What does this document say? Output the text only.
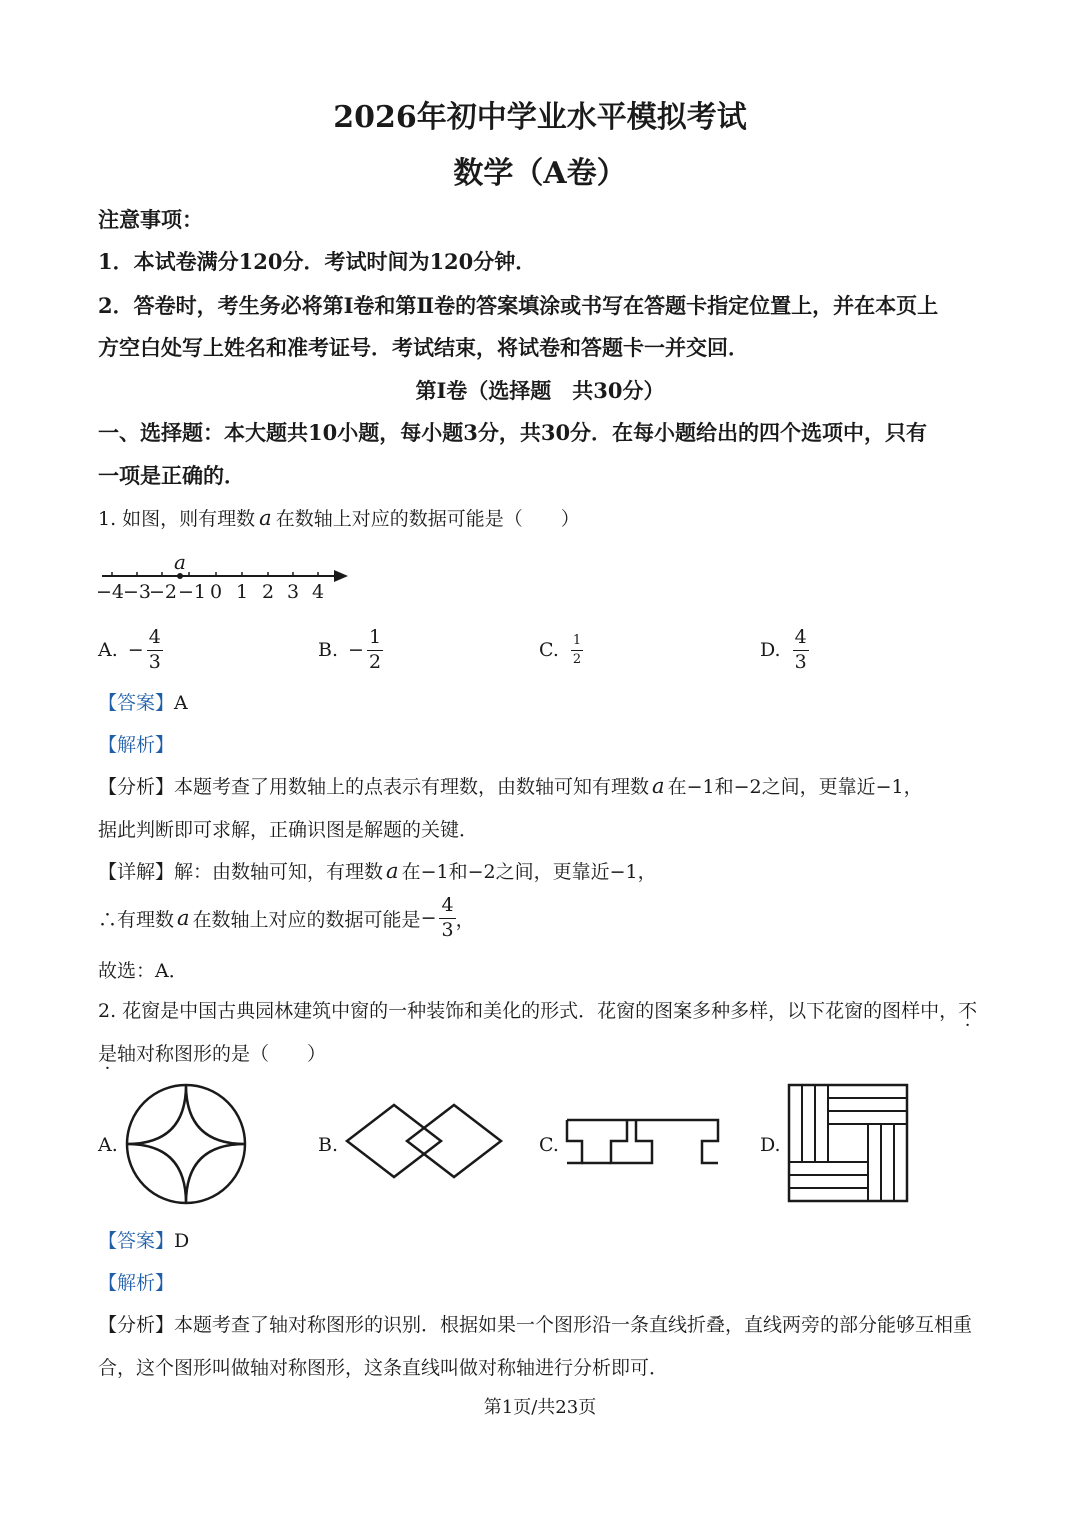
2026年初中学业水平模拟考试
数学（A卷）
注意事项：
1．本试卷满分120分．考试时间为120分钟．
2．答卷时，考生务必将第Ⅰ卷和第Ⅱ卷的答案填涂或书写在答题卡指定位置上，并在本页上
方空白处写上姓名和准考证号．考试结束，将试卷和答题卡一并交回．
第Ⅰ卷（选择题　共30分）
一、选择题：本大题共10小题，每小题3分，共30分．在每小题给出的四个选项中，只有
一项是正确的．
1. 如图，则有理数 a 在数轴上对应的数据可能是（　　）
a
−4
−3
−2 −1 0 1 2 3 4
A. − $\frac{4}{3}$	B. − $\frac{1}{2}$	C. $\frac{1}{2}$	D. $\frac{4}{3}$
【答案】A
【解析】
【分析】本题考查了用数轴上的点表示有理数，由数轴可知有理数 a 在−1和−2之间，更靠近−1，
据此判断即可求解，正确识图是解题的关键．
【详解】解：由数轴可知，有理数 a 在−1和−2之间，更靠近−1，
∴有理数 a 在数轴上对应的数据可能是 − $\frac{4}{3}$ ，
故选：A．
2. 花窗是中国古典园林建筑中窗的一种装饰和美化的形式．花窗的图案多种多样，以下花窗的图样中，不
是轴对称图形的是（　　）
A.	B.	C.	D.
【答案】D
【解析】
【分析】本题考查了轴对称图形的识别．根据如果一个图形沿一条直线折叠，直线两旁的部分能够互相重
合，这个图形叫做轴对称图形，这条直线叫做对称轴进行分析即可．
第1页/共23页
